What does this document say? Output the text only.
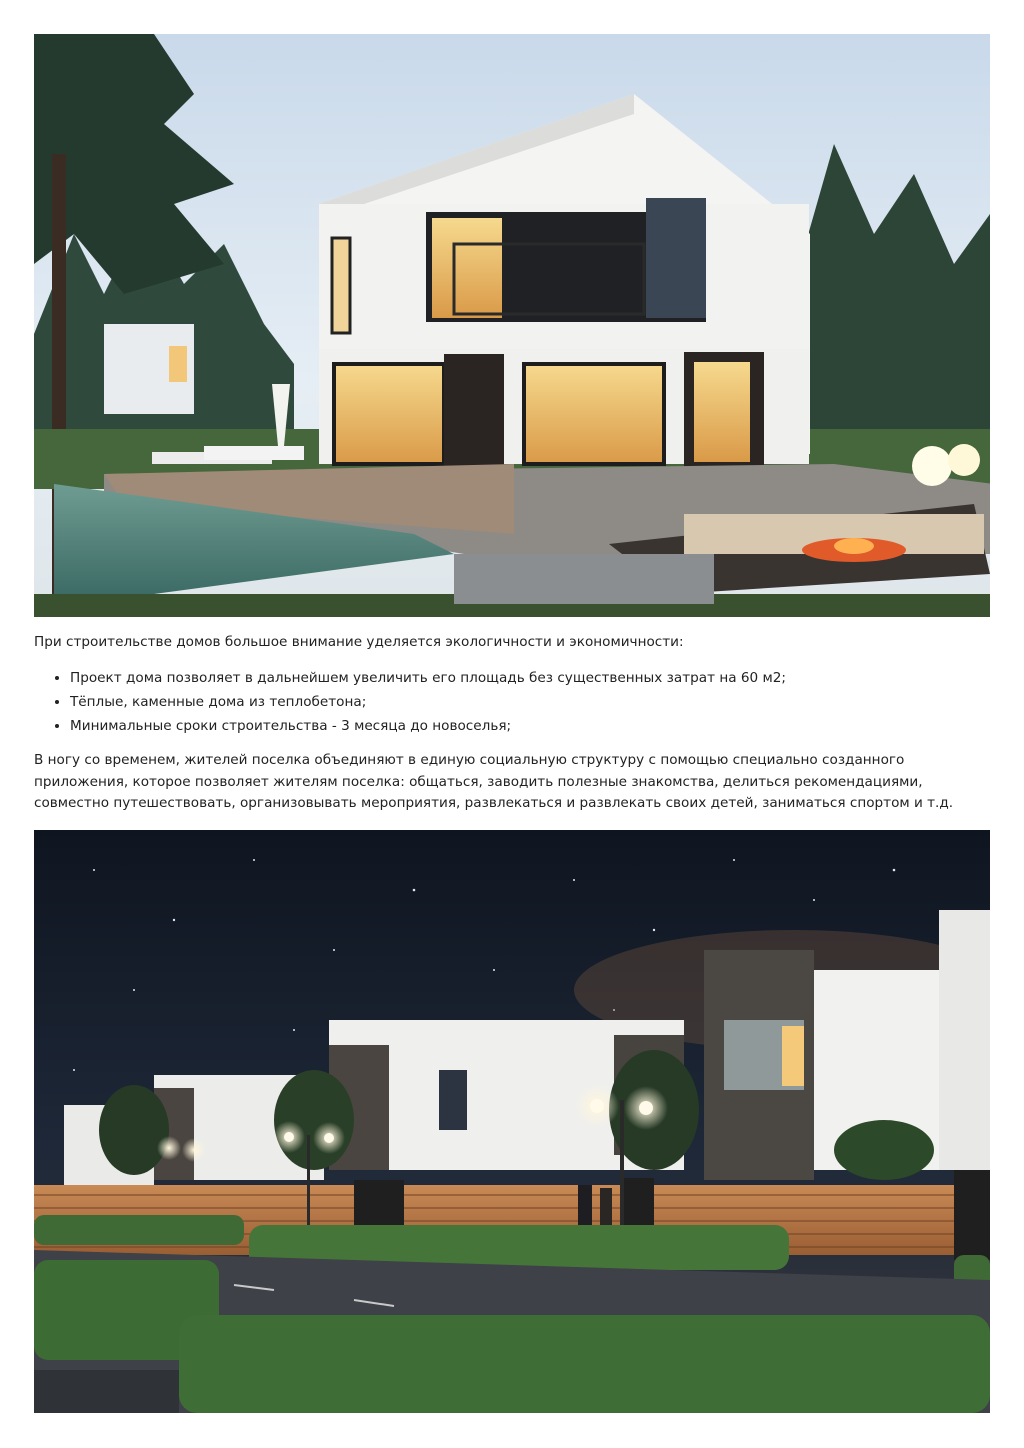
При строительстве домов большое внимание уделяется экологичности и экономичности:

• Проект дома позволяет в дальнейшем увеличить его площадь без существенных затрат на 60 м2;
• Тёплые, каменные дома из теплобетона;
• Минимальные сроки строительства - 3 месяца до новоселья;

В ногу со временем, жителей поселка объединяют в единую социальную структуру с помощью специально созданного приложения, которое позволяет жителям поселка: общаться, заводить полезные знакомства, делиться рекомендациями, совместно путешествовать, организовывать мероприятия, развлекаться и развлекать своих детей, заниматься спортом и т.д.
